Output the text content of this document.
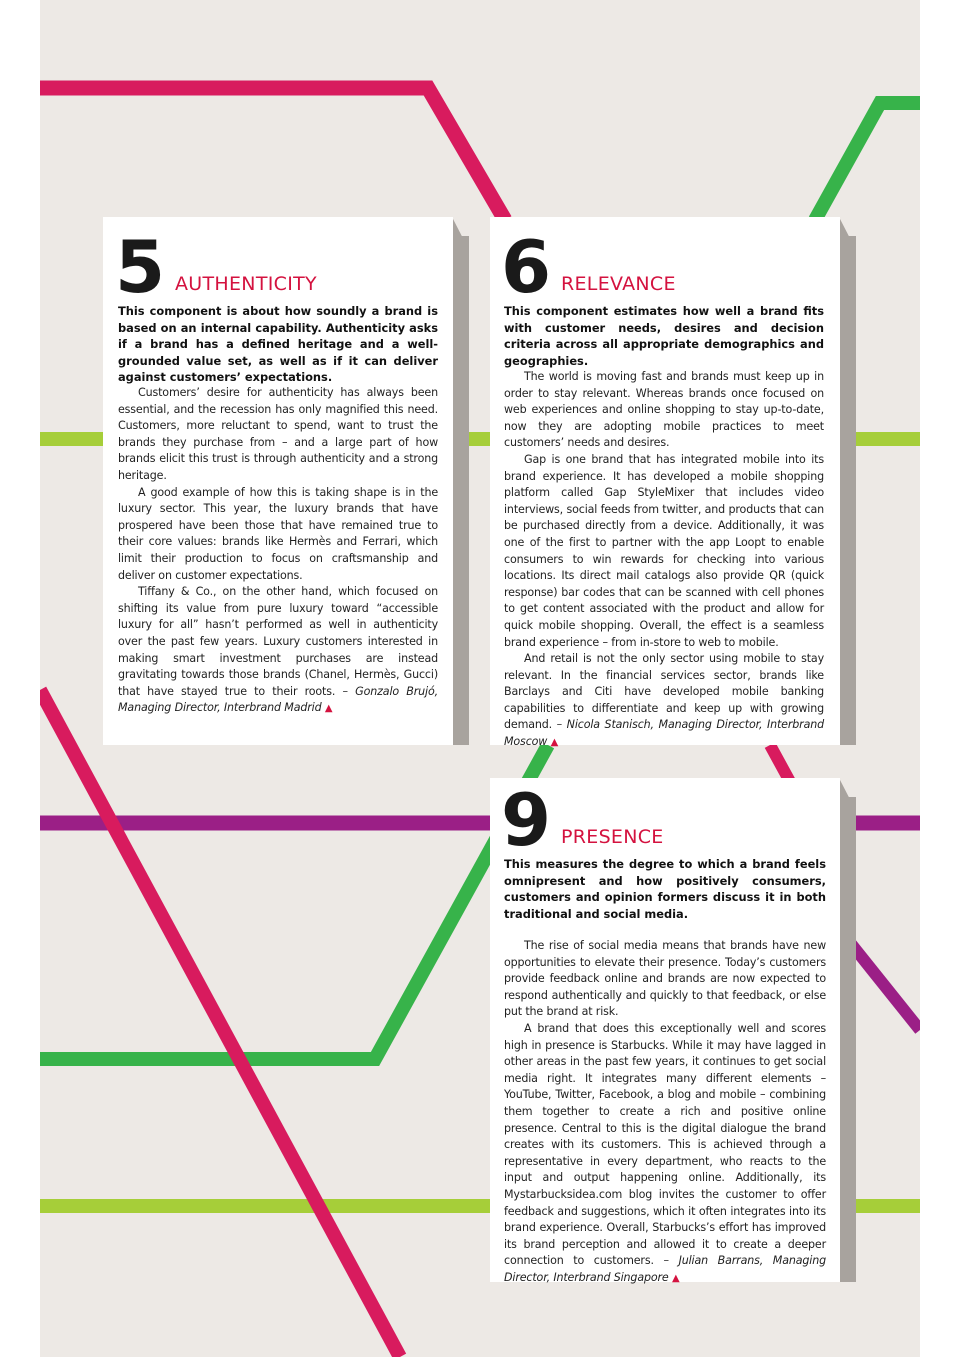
5 AUTHENTICITY
This component is about how soundly a brand is based on an internal capability. Authenticity asks if a brand has a defined heritage and a well-grounded value set, as well as if it can deliver against customers’ expectations.

Customers’ desire for authenticity has always been essential, and the recession has only magnified this need. Customers, more reluctant to spend, want to trust the brands they purchase from – and a large part of how brands elicit this trust is through authenticity and a strong heritage.

A good example of how this is taking shape is in the luxury sector. This year, the luxury brands that have prospered have been those that have remained true to their core values: brands like Hermès and Ferrari, which limit their production to focus on craftsmanship and deliver on customer expectations.

Tiffany & Co., on the other hand, which focused on shifting its value from pure luxury toward “accessible luxury for all” hasn’t performed as well in authenticity over the past few years. Luxury customers interested in making smart investment purchases are instead gravitating towards those brands (Chanel, Hermès, Gucci) that have stayed true to their roots. – Gonzalo Brujó, Managing Director, Interbrand Madrid ▲

6 RELEVANCE
This component estimates how well a brand fits with customer needs, desires and decision criteria across all appropriate demographics and geographies.

The world is moving fast and brands must keep up in order to stay relevant. Whereas brands once focused on web experiences and online shopping to stay up-to-date, now they are adopting mobile practices to meet customers’ needs and desires.

Gap is one brand that has integrated mobile into its brand experience. It has developed a mobile shopping platform called Gap StyleMixer that includes video interviews, social feeds from twitter, and products that can be purchased directly from a device. Additionally, it was one of the first to partner with the app Loopt to enable consumers to win rewards for checking into various locations. Its direct mail catalogs also provide QR (quick response) bar codes that can be scanned with cell phones to get content associated with the product and allow for quick mobile shopping. Overall, the effect is a seamless brand experience – from in-store to web to mobile.

And retail is not the only sector using mobile to stay relevant. In the financial services sector, brands like Barclays and Citi have developed mobile banking capabilities to differentiate and keep up with growing demand. – Nicola Stanisch, Managing Director, Interbrand Moscow ▲

9 PRESENCE
This measures the degree to which a brand feels omnipresent and how positively consumers, customers and opinion formers discuss it in both traditional and social media.

The rise of social media means that brands have new opportunities to elevate their presence. Today’s customers provide feedback online and brands are now expected to respond authentically and quickly to that feedback, or else put the brand at risk.

A brand that does this exceptionally well and scores high in presence is Starbucks. While it may have lagged in other areas in the past few years, it continues to get social media right. It integrates many different elements – YouTube, Twitter, Facebook, a blog and mobile – combining them together to create a rich and positive online presence. Central to this is the digital dialogue the brand creates with its customers. This is achieved through a representative in every department, who reacts to the input and output happening online. Additionally, its Mystarbucksidea.com blog invites the customer to offer feedback and suggestions, which it often integrates into its brand experience. Overall, Starbucks’s effort has improved its brand perception and allowed it to create a deeper connection to customers. – Julian Barrans, Managing Director, Interbrand Singapore ▲
